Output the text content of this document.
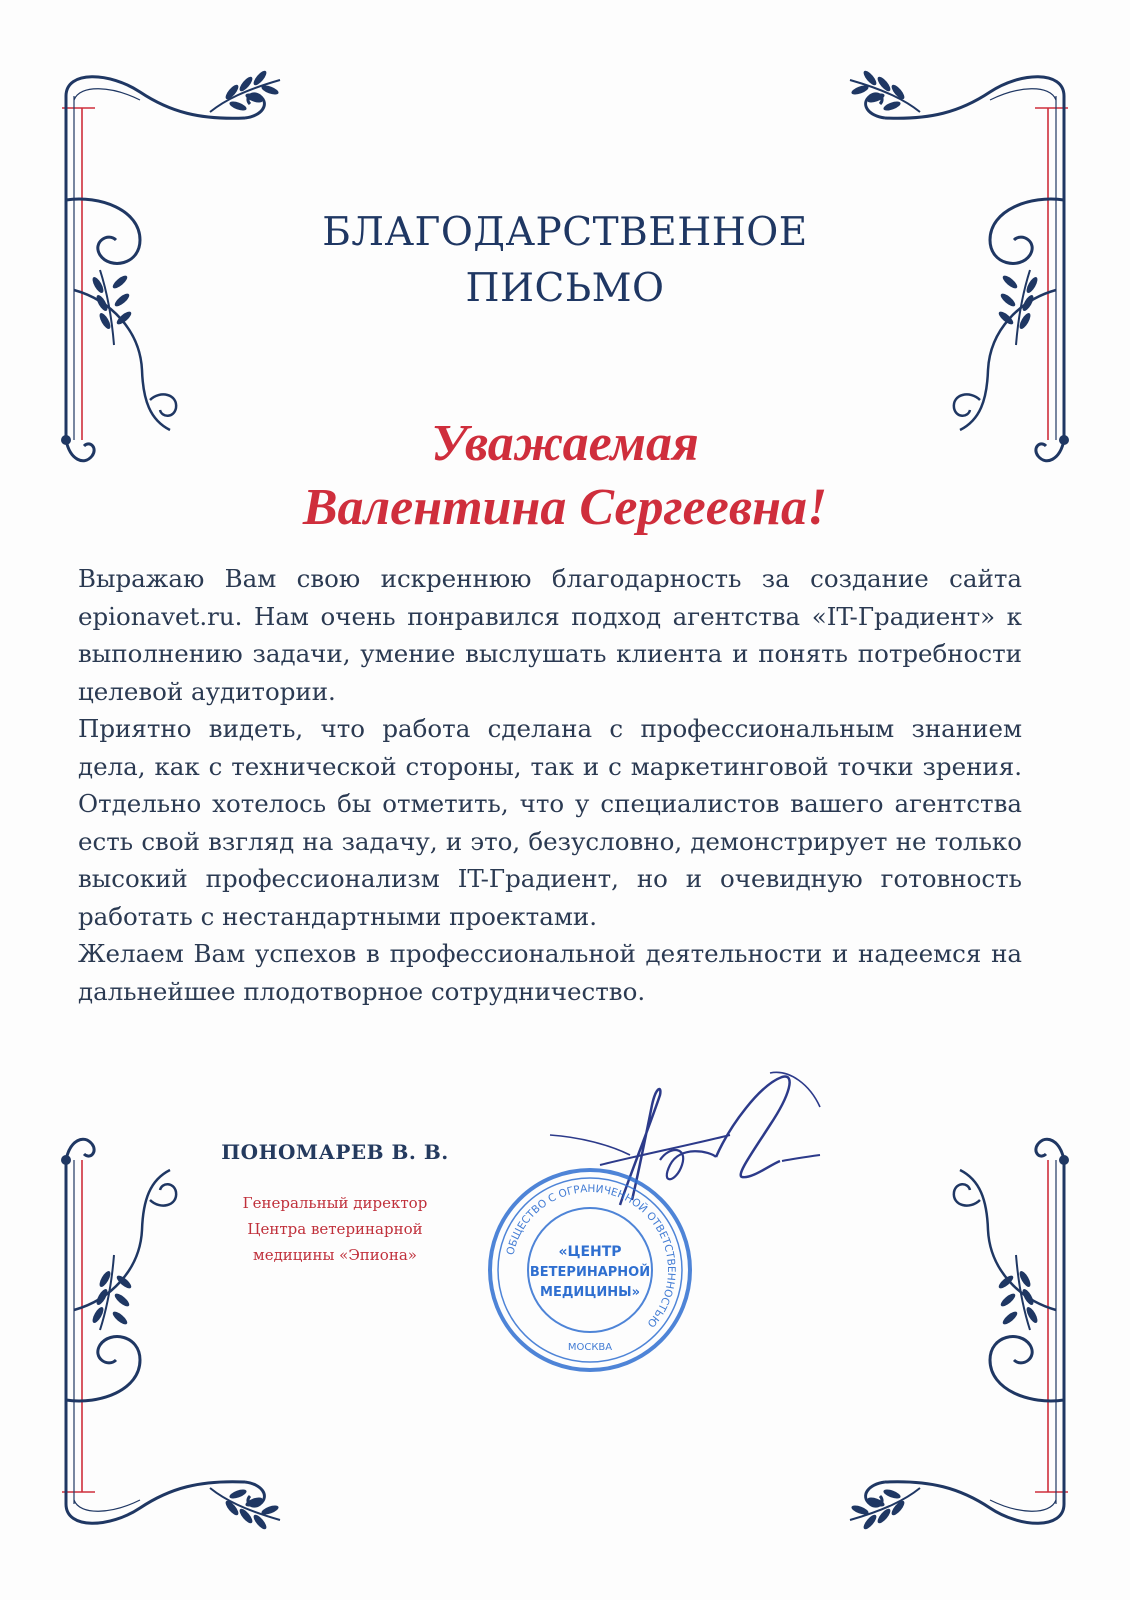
БЛАГОДАРСТВЕННОЕ
ПИСЬМО
Уважаемая
Валентина Сергеевна!

Выражаю Вам свою искреннюю благодарность за создание сайта epionavet.ru. Нам очень понравился подход агентства «IT-Градиент» к выполнению задачи, умение выслушать клиента и понять потребности целевой аудитории.

Приятно видеть, что работа сделана с профессиональным знанием дела, как с технической стороны, так и с маркетинговой точки зрения. Отдельно хотелось бы отметить, что у специалистов вашего агентства есть свой взгляд на задачу, и это, безусловно, демонстрирует не только высокий профессионализм IT-Градиент, но и очевидную готовность работать с нестандартными проектами.

Желаем Вам успехов в профессиональной деятельности и надеемся на дальнейшее плодотворное сотрудничество.

ПОНОМАРЕВ В. В.
Генеральный директор
Центра ветеринарной
медицины «Эпиона»	ОБЩЕСТВО С ОГРАНИЧЕННОЙ ОТВЕТСТВЕННОСТЬЮ
МОСКВА
«ЦЕНТР
ВЕТЕРИНАРНОЙ
МЕДИЦИНЫ»
